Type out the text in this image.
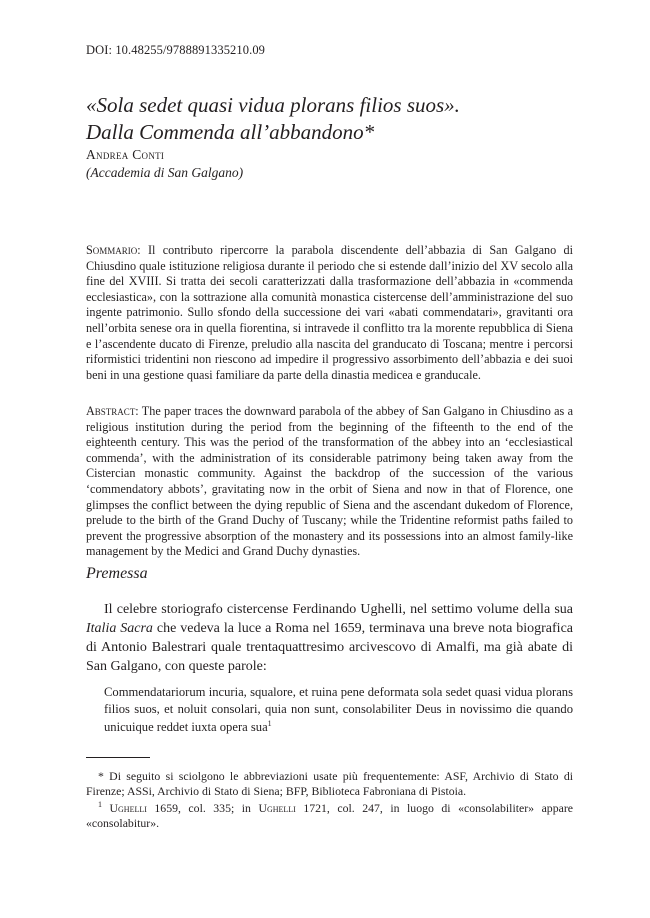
DOI: 10.48255/9788891335210.09
«Sola sedet quasi vidua plorans filios suos».
Dalla Commenda all’abbandono*
Andrea Conti
(Accademia di San Galgano)

Sommario: Il contributo ripercorre la parabola discendente dell’abbazia di San Galgano di Chiusdino quale istituzione religiosa durante il periodo che si estende dall’inizio del XV secolo alla fine del XVIII. Si tratta dei secoli caratterizzati dalla trasformazione dell’abbazia in «commenda ecclesiastica», con la sottrazione alla comunità monastica cistercense dell’amministrazione del suo ingente patrimonio. Sullo sfondo della successione dei vari «abati commendatari», gravitanti ora nell’orbita senese ora in quella fiorentina, si intravede il conflitto tra la morente repubblica di Siena e l’ascendente ducato di Firenze, preludio alla nascita del granducato di Toscana; mentre i percorsi riformistici tridentini non riescono ad impedire il progressivo assorbimento dell’abbazia e dei suoi beni in una gestione quasi familiare da parte della dinastia medicea e granducale.

Abstract: The paper traces the downward parabola of the abbey of San Galgano in Chiusdino as a religious institution during the period from the beginning of the fifteenth to the end of the eighteenth century. This was the period of the transformation of the abbey into an ‘ecclesiastical commenda’, with the administration of its considerable patrimony being taken away from the Cistercian monastic community. Against the backdrop of the succession of the various ‘commendatory abbots’, gravitating now in the orbit of Siena and now in that of Florence, one glimpses the conflict between the dying republic of Siena and the ascendant dukedom of Florence, prelude to the birth of the Grand Duchy of Tuscany; while the Tridentine reformist paths failed to prevent the progressive absorption of the monastery and its possessions into an almost family-like management by the Medici and Grand Duchy dynasties.

Premessa

Il celebre storiografo cistercense Ferdinando Ughelli, nel settimo volume della sua Italia Sacra che vedeva la luce a Roma nel 1659, terminava una breve nota biografica di Antonio Balestrari quale trentaquattresimo arcivescovo di Amalfi, ma già abate di San Galgano, con queste parole:

Commendatariorum incuria, squalore, et ruina pene deformata sola sedet quasi vidua plorans filios suos, et noluit consolari, quia non sunt, consolabiliter Deus in novissimo die quando unicuique reddet iuxta opera sua$^1$

* Di seguito si sciolgono le abbreviazioni usate più frequentemente: ASF, Archivio di Stato di Firenze; ASSi, Archivio di Stato di Siena; BFP, Biblioteca Fabroniana di Pistoia.

$^1$ Ughelli 1659, col. 335; in Ughelli 1721, col. 247, in luogo di «consolabiliter» appare «consolabitur».
